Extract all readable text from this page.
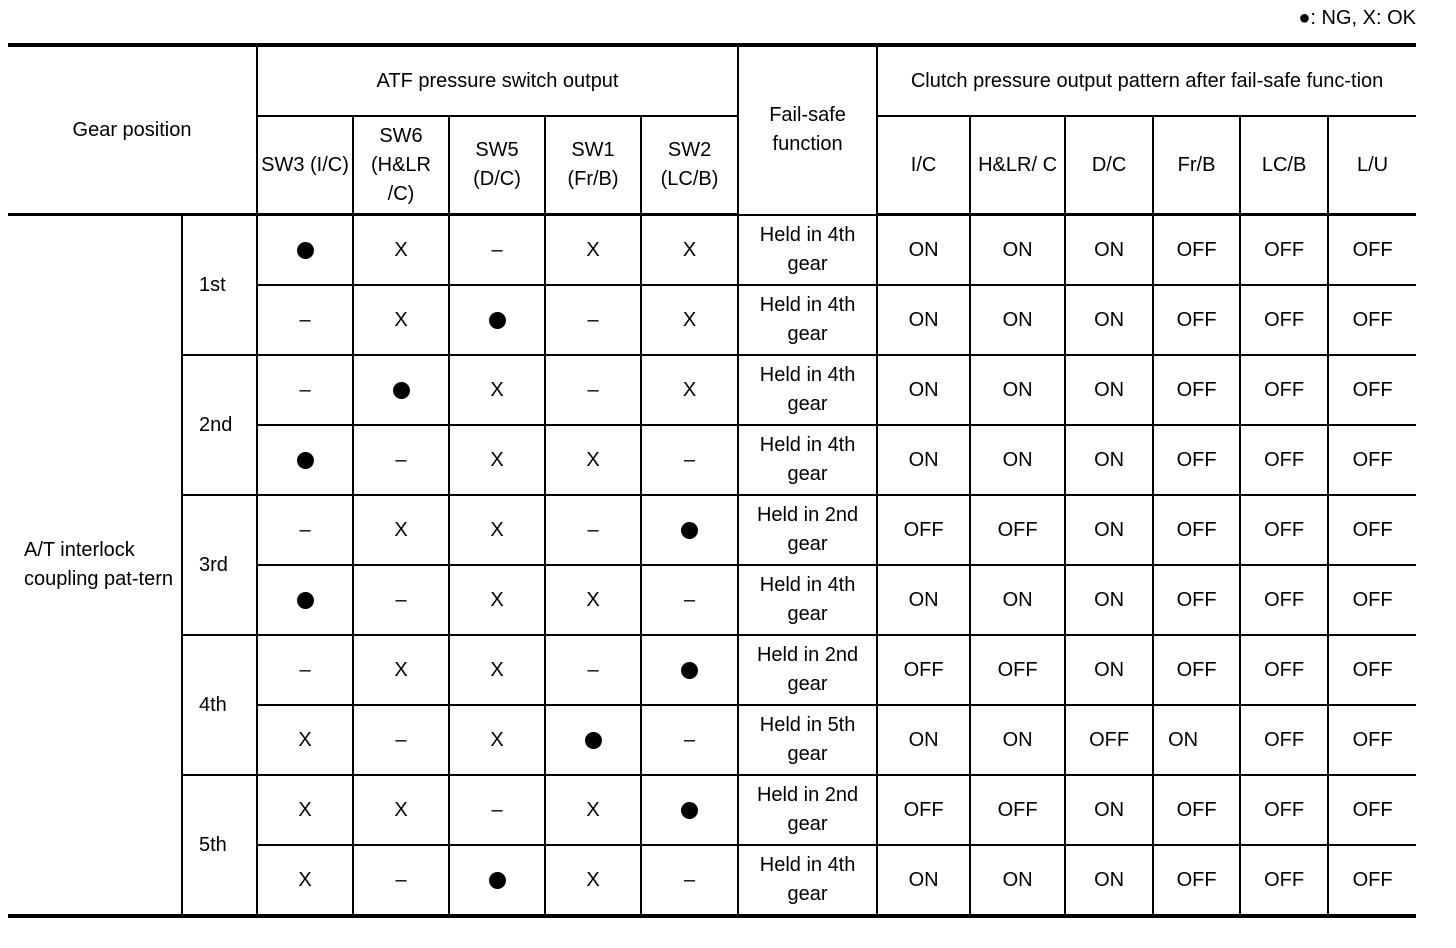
●: NG, X: OK
Gear position		ATF pressure switch output					Fail-safe function	Clutch pressure output pattern after fail-safe func-tion					
		SW3 (I/C)	SW6 (H&LR /C)	SW5 (D/C)	SW1 (Fr/B)	SW2 (LC/B)		I/C	H&LR/ C	D/C	Fr/B	LC/B	L/U
A/T interlock coupling pat-tern	1st		X	–	X	X	Held in 4th gear	ON	ON	ON	OFF	OFF	OFF
		–	X		–	X	Held in 4th gear	ON	ON	ON	OFF	OFF	OFF
	2nd	–		X	–	X	Held in 4th gear	ON	ON	ON	OFF	OFF	OFF
			–	X	X	–	Held in 4th gear	ON	ON	ON	OFF	OFF	OFF
	3rd	–	X	X	–		Held in 2nd gear	OFF	OFF	ON	OFF	OFF	OFF
			–	X	X	–	Held in 4th gear	ON	ON	ON	OFF	OFF	OFF
	4th	–	X	X	–		Held in 2nd gear	OFF	OFF	ON	OFF	OFF	OFF
		X	–	X		–	Held in 5th gear	ON	ON	OFF	ON	OFF	OFF
	5th	X	X	–	X		Held in 2nd gear	OFF	OFF	ON	OFF	OFF	OFF
		X	–		X	–	Held in 4th gear	ON	ON	ON	OFF	OFF	OFF
